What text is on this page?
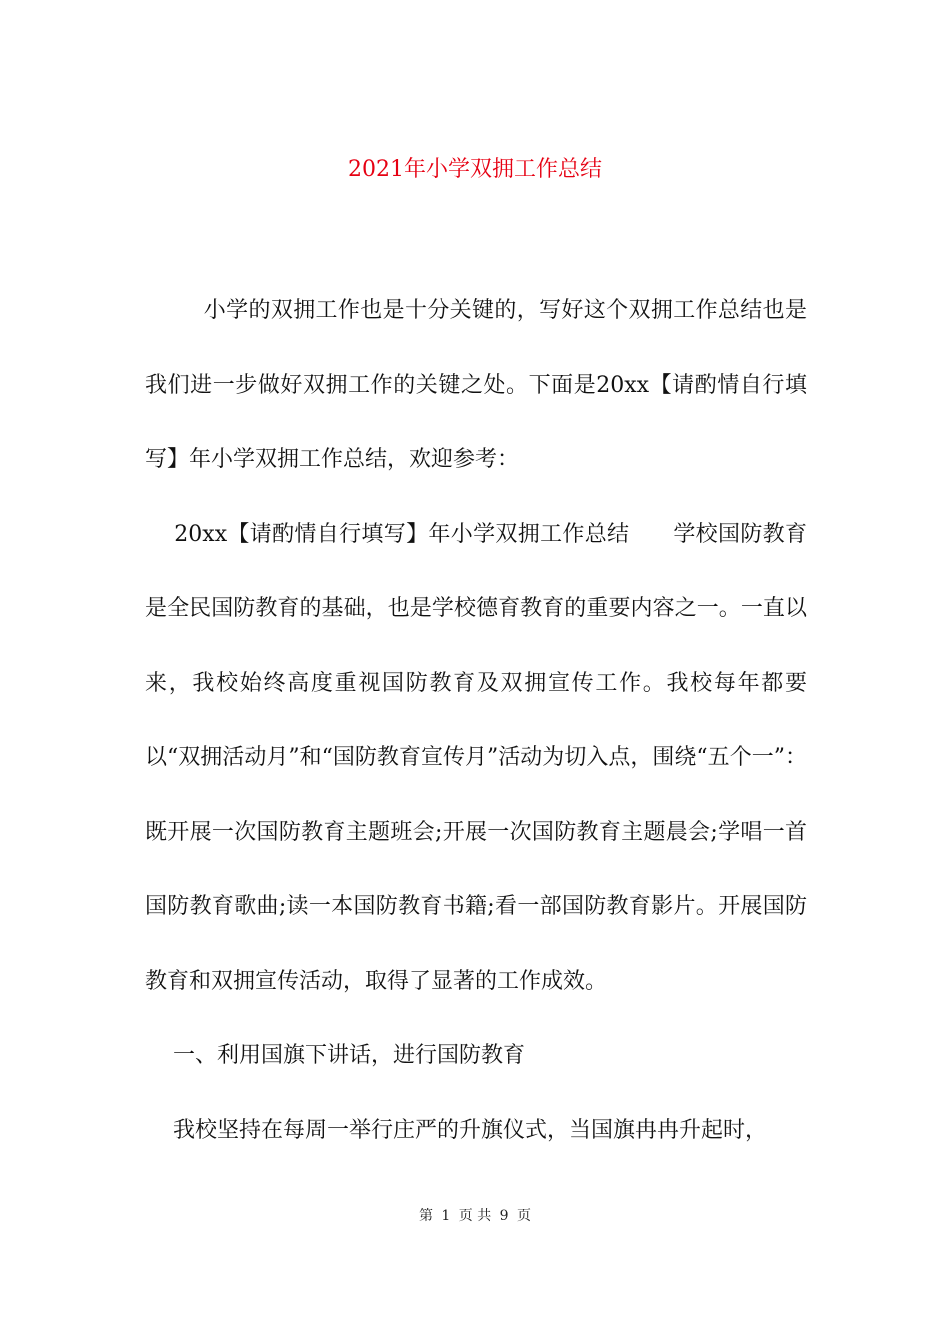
2021年小学双拥工作总结

小学的双拥工作也是十分关键的，写好这个双拥工作总结也是我们进一步做好双拥工作的关键之处。下面是20xx【请酌情自行填写】年小学双拥工作总结，欢迎参考：

20xx【请酌情自行填写】年小学双拥工作总结      学校国防教育是全民国防教育的基础，也是学校德育教育的重要内容之一。一直以来，我校始终高度重视国防教育及双拥宣传工作。我校每年都要以“双拥活动月”和“国防教育宣传月”活动为切入点，围绕“五个一”：既开展一次国防教育主题班会;开展一次国防教育主题晨会;学唱一首国防教育歌曲;读一本国防教育书籍;看一部国防教育影片。开展国防教育和双拥宣传活动，取得了显著的工作成效。

一、利用国旗下讲话，进行国防教育

我校坚持在每周一举行庄严的升旗仪式，当国旗冉冉升起时，

第 1 页 共 9 页
